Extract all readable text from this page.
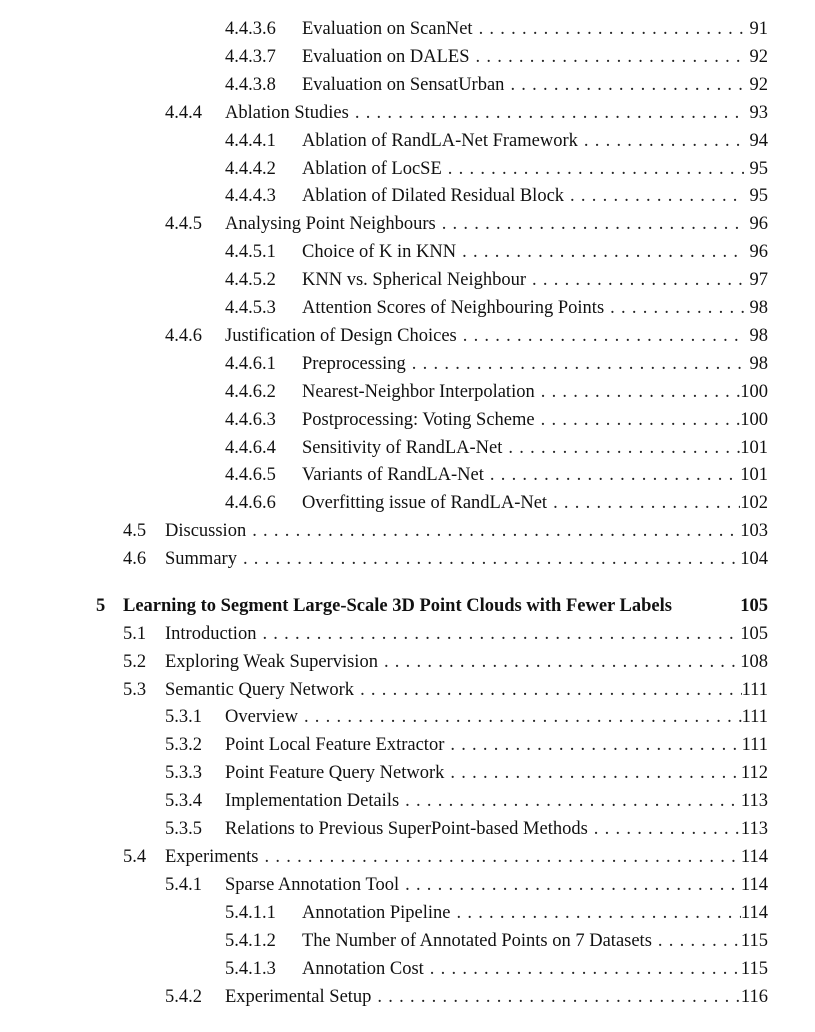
4.4.3.6 Evaluation on ScanNet . . .	91
4.4.3.7 Evaluation on DALES . . .	92
4.4.3.8 Evaluation on SensatUrban . . .	92
4.4.4 Ablation Studies . . .	93
4.4.4.1 Ablation of RandLA-Net Framework . . .	94
4.4.4.2 Ablation of LocSE . . .	95
4.4.4.3 Ablation of Dilated Residual Block . . .	95
4.4.5 Analysing Point Neighbours . . .	96
4.4.5.1 Choice of K in KNN . . .	96
4.4.5.2 KNN vs. Spherical Neighbour . . .	97
4.4.5.3 Attention Scores of Neighbouring Points . . .	98
4.4.6 Justification of Design Choices . . .	98
4.4.6.1 Preprocessing . . .	98
4.4.6.2 Nearest-Neighbor Interpolation . . .	100
4.4.6.3 Postprocessing: Voting Scheme . . .	100
4.4.6.4 Sensitivity of RandLA-Net . . .	101
4.4.6.5 Variants of RandLA-Net . . .	101
4.4.6.6 Overfitting issue of RandLA-Net . . .	102
4.5 Discussion . . .	103
4.6 Summary . . .	104
5 Learning to Segment Large-Scale 3D Point Clouds with Fewer Labels	105
5.1 Introduction . . .	105
5.2 Exploring Weak Supervision . . .	108
5.3 Semantic Query Network . . .	111
5.3.1 Overview . . .	111
5.3.2 Point Local Feature Extractor . . .	111
5.3.3 Point Feature Query Network . . .	112
5.3.4 Implementation Details . . .	113
5.3.5 Relations to Previous SuperPoint-based Methods . . .	113
5.4 Experiments . . .	114
5.4.1 Sparse Annotation Tool . . .	114
5.4.1.1 Annotation Pipeline . . .	114
5.4.1.2 The Number of Annotated Points on 7 Datasets . . .	115
5.4.1.3 Annotation Cost . . .	115
5.4.2 Experimental Setup . . .	116
